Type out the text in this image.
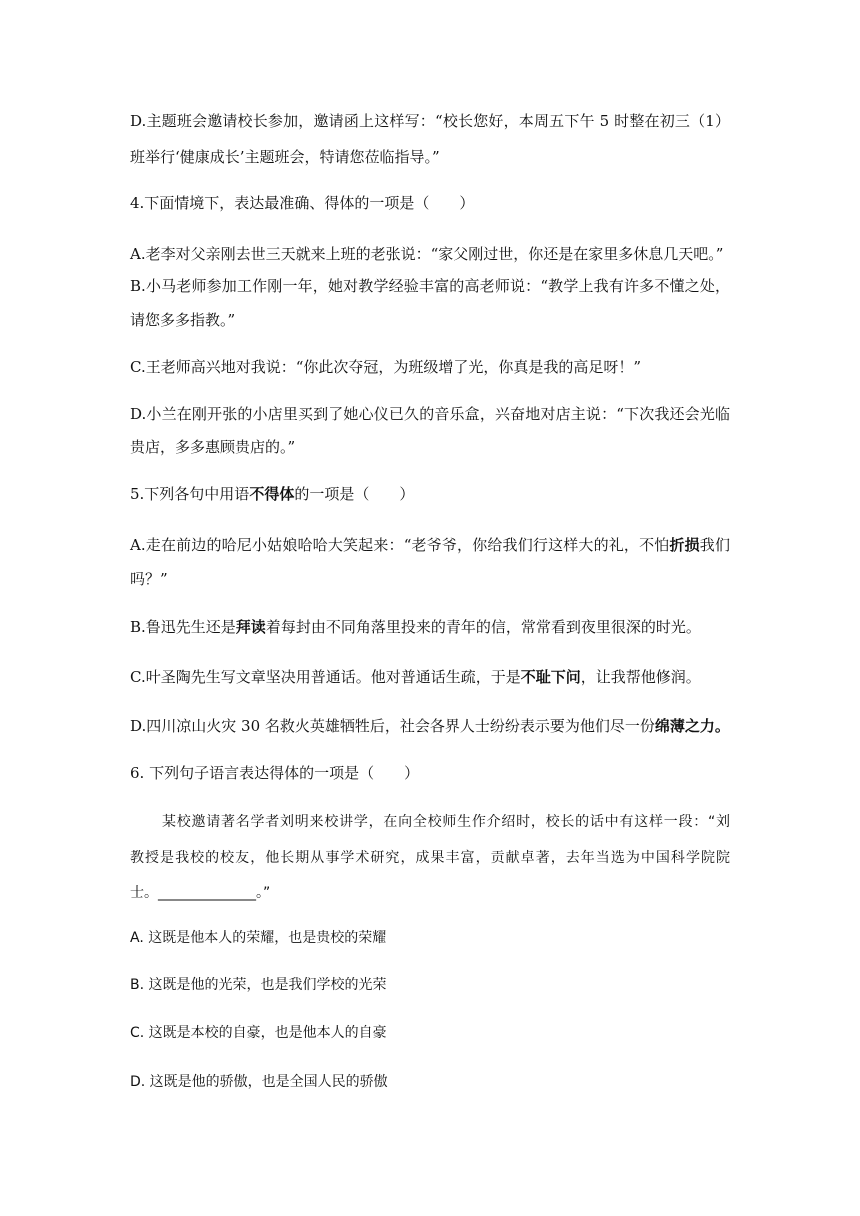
D.主题班会邀请校长参加，邀请函上这样写：“校长您好，本周五下午 5 时整在初三（1）
班举行‘健康成长’主题班会，特请您莅临指导。”
4.下面情境下，表达最准确、得体的一项是（　　）
A.老李对父亲刚去世三天就来上班的老张说：“家父刚过世，你还是在家里多休息几天吧。”
B.小马老师参加工作刚一年，她对教学经验丰富的高老师说：“教学上我有许多不懂之处，
请您多多指教。”
C.王老师高兴地对我说：“你此次夺冠，为班级增了光，你真是我的高足呀！”
D.小兰在刚开张的小店里买到了她心仪已久的音乐盒，兴奋地对店主说：“下次我还会光临
贵店，多多惠顾贵店的。”
5.下列各句中用语不得体的一项是（　　）
A.走在前边的哈尼小姑娘哈哈大笑起来：“老爷爷，你给我们行这样大的礼，不怕折损我们
吗？”
B.鲁迅先生还是拜读着每封由不同角落里投来的青年的信，常常看到夜里很深的时光。
C.叶圣陶先生写文章坚决用普通话。他对普通话生疏，于是不耻下问，让我帮他修润。
D.四川凉山火灾 30 名救火英雄牺牲后，社会各界人士纷纷表示要为他们尽一份绵薄之力。
6. 下列句子语言表达得体的一项是（　　）
某校邀请著名学者刘明来校讲学，在向全校师生作介绍时，校长的话中有这样一段：“刘
教授是我校的校友，他长期从事学术研究，成果丰富，贡献卓著，去年当选为中国科学院院
士。______________。”
A. 这既是他本人的荣耀，也是贵校的荣耀
B. 这既是他的光荣，也是我们学校的光荣
C. 这既是本校的自豪，也是他本人的自豪
D. 这既是他的骄傲，也是全国人民的骄傲
